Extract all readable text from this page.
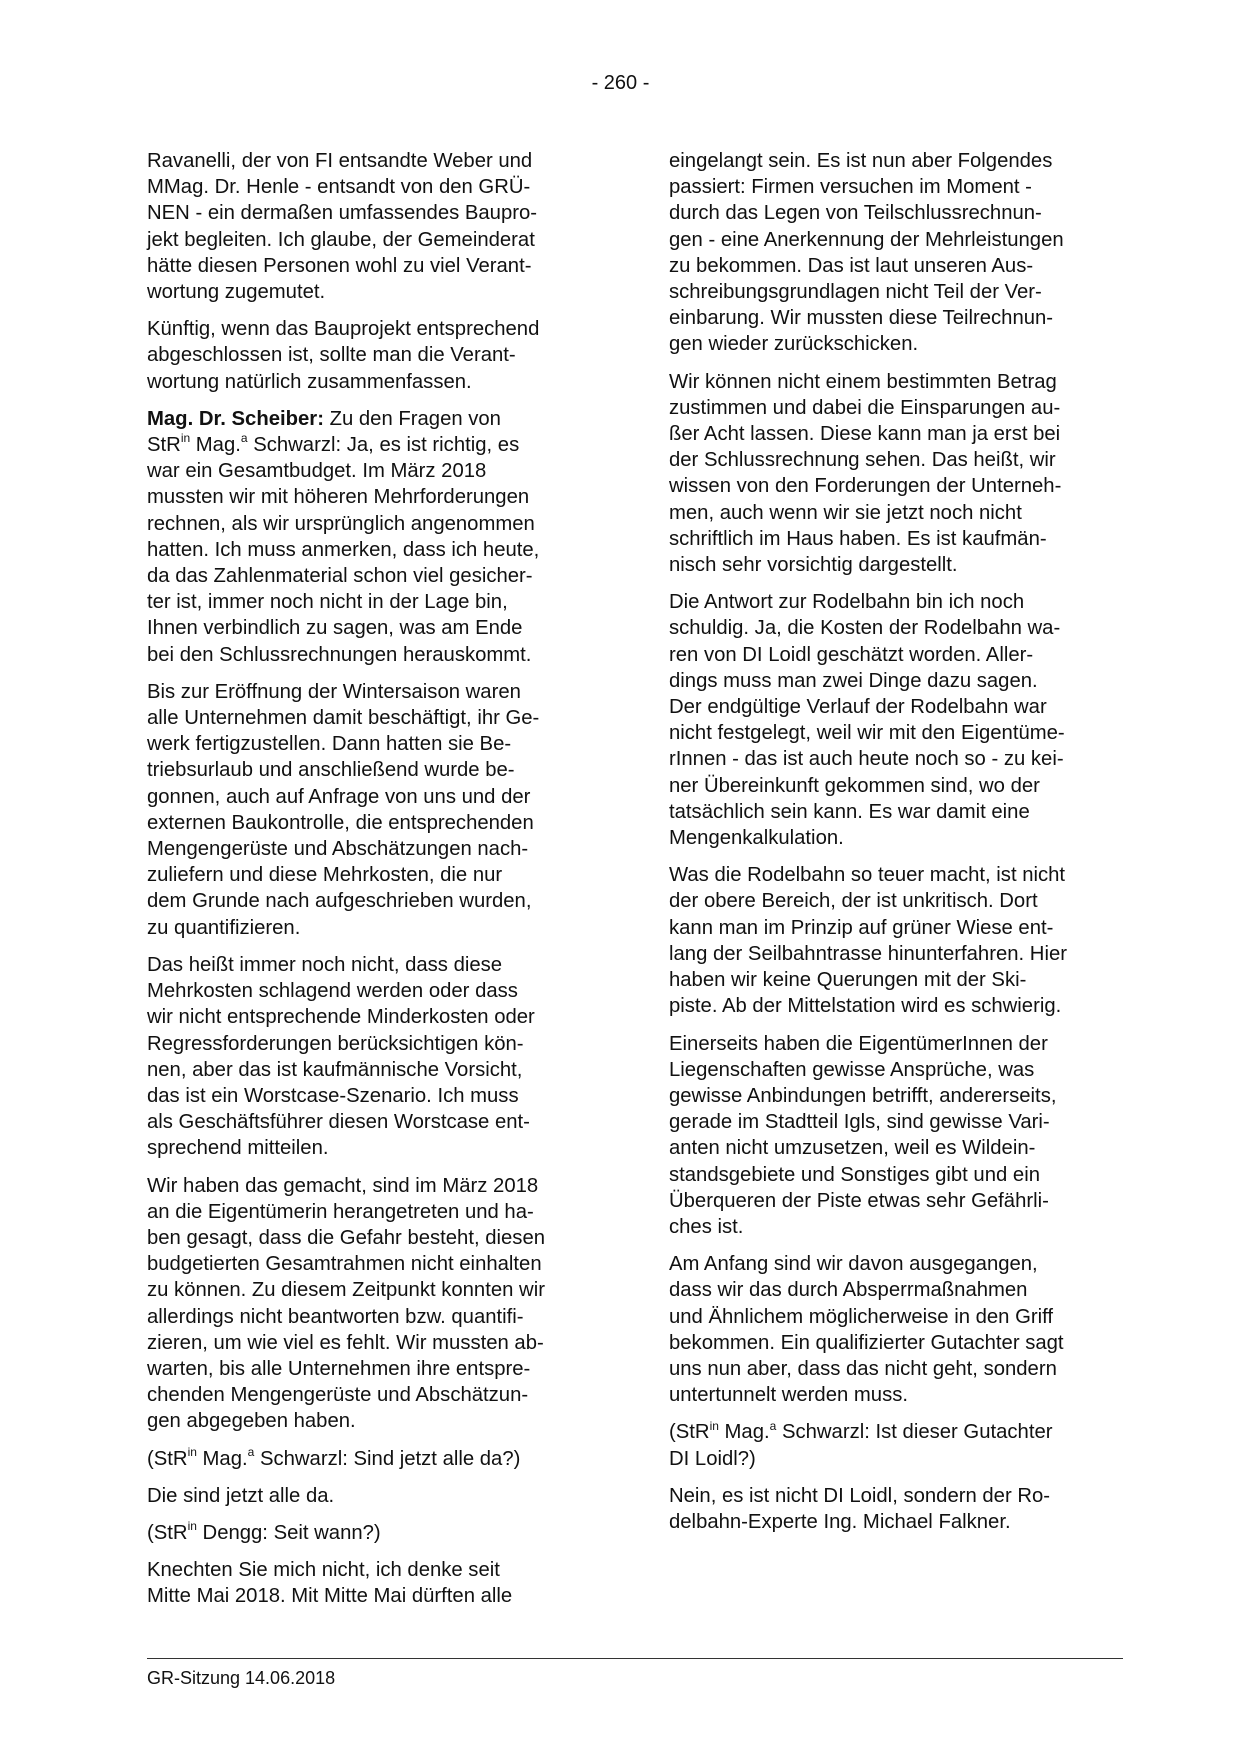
- 260 -

Ravanelli, der von FI entsandte Weber und
MMag. Dr. Henle - entsandt von den GRÜ-
NEN - ein dermaßen umfassendes Baupro-
jekt begleiten. Ich glaube, der Gemeinderat
hätte diesen Personen wohl zu viel Verant-
wortung zugemutet.

Künftig, wenn das Bauprojekt entsprechend
abgeschlossen ist, sollte man die Verant-
wortung natürlich zusammenfassen.

Mag. Dr. Scheiber: Zu den Fragen von
StR$^{in}$ Mag.$^a$ Schwarzl: Ja, es ist richtig, es
war ein Gesamtbudget. Im März 2018
mussten wir mit höheren Mehrforderungen
rechnen, als wir ursprünglich angenommen
hatten. Ich muss anmerken, dass ich heute,
da das Zahlenmaterial schon viel gesicher-
ter ist, immer noch nicht in der Lage bin,
Ihnen verbindlich zu sagen, was am Ende
bei den Schlussrechnungen herauskommt.

Bis zur Eröffnung der Wintersaison waren
alle Unternehmen damit beschäftigt, ihr Ge-
werk fertigzustellen. Dann hatten sie Be-
triebsurlaub und anschließend wurde be-
gonnen, auch auf Anfrage von uns und der
externen Baukontrolle, die entsprechenden
Mengengerüste und Abschätzungen nach-
zuliefern und diese Mehrkosten, die nur
dem Grunde nach aufgeschrieben wurden,
zu quantifizieren.

Das heißt immer noch nicht, dass diese
Mehrkosten schlagend werden oder dass
wir nicht entsprechende Minderkosten oder
Regressforderungen berücksichtigen kön-
nen, aber das ist kaufmännische Vorsicht,
das ist ein Worstcase-Szenario. Ich muss
als Geschäftsführer diesen Worstcase ent-
sprechend mitteilen.

Wir haben das gemacht, sind im März 2018
an die Eigentümerin herangetreten und ha-
ben gesagt, dass die Gefahr besteht, diesen
budgetierten Gesamtrahmen nicht einhalten
zu können. Zu diesem Zeitpunkt konnten wir
allerdings nicht beantworten bzw. quantifi-
zieren, um wie viel es fehlt. Wir mussten ab-
warten, bis alle Unternehmen ihre entspre-
chenden Mengengerüste und Abschätzun-
gen abgegeben haben.

(StR$^{in}$ Mag.$^a$ Schwarzl: Sind jetzt alle da?)

Die sind jetzt alle da.

(StR$^{in}$ Dengg: Seit wann?)

Knechten Sie mich nicht, ich denke seit
Mitte Mai 2018. Mit Mitte Mai dürften alle

eingelangt sein. Es ist nun aber Folgendes
passiert: Firmen versuchen im Moment -
durch das Legen von Teilschlussrechnun-
gen - eine Anerkennung der Mehrleistungen
zu bekommen. Das ist laut unseren Aus-
schreibungsgrundlagen nicht Teil der Ver-
einbarung. Wir mussten diese Teilrechnun-
gen wieder zurückschicken.

Wir können nicht einem bestimmten Betrag
zustimmen und dabei die Einsparungen au-
ßer Acht lassen. Diese kann man ja erst bei
der Schlussrechnung sehen. Das heißt, wir
wissen von den Forderungen der Unterneh-
men, auch wenn wir sie jetzt noch nicht
schriftlich im Haus haben. Es ist kaufmän-
nisch sehr vorsichtig dargestellt.

Die Antwort zur Rodelbahn bin ich noch
schuldig. Ja, die Kosten der Rodelbahn wa-
ren von DI Loidl geschätzt worden. Aller-
dings muss man zwei Dinge dazu sagen.
Der endgültige Verlauf der Rodelbahn war
nicht festgelegt, weil wir mit den Eigentüme-
rInnen - das ist auch heute noch so - zu kei-
ner Übereinkunft gekommen sind, wo der
tatsächlich sein kann. Es war damit eine
Mengenkalkulation.

Was die Rodelbahn so teuer macht, ist nicht
der obere Bereich, der ist unkritisch. Dort
kann man im Prinzip auf grüner Wiese ent-
lang der Seilbahntrasse hinunterfahren. Hier
haben wir keine Querungen mit der Ski-
piste. Ab der Mittelstation wird es schwierig.

Einerseits haben die EigentümerInnen der
Liegenschaften gewisse Ansprüche, was
gewisse Anbindungen betrifft, andererseits,
gerade im Stadtteil Igls, sind gewisse Vari-
anten nicht umzusetzen, weil es Wildein-
standsgebiete und Sonstiges gibt und ein
Überqueren der Piste etwas sehr Gefährli-
ches ist.

Am Anfang sind wir davon ausgegangen,
dass wir das durch Absperrmaßnahmen
und Ähnlichem möglicherweise in den Griff
bekommen. Ein qualifizierter Gutachter sagt
uns nun aber, dass das nicht geht, sondern
untertunnelt werden muss.

(StR$^{in}$ Mag.$^a$ Schwarzl: Ist dieser Gutachter
DI Loidl?)

Nein, es ist nicht DI Loidl, sondern der Ro-
delbahn-Experte Ing. Michael Falkner.

GR-Sitzung 14.06.2018
